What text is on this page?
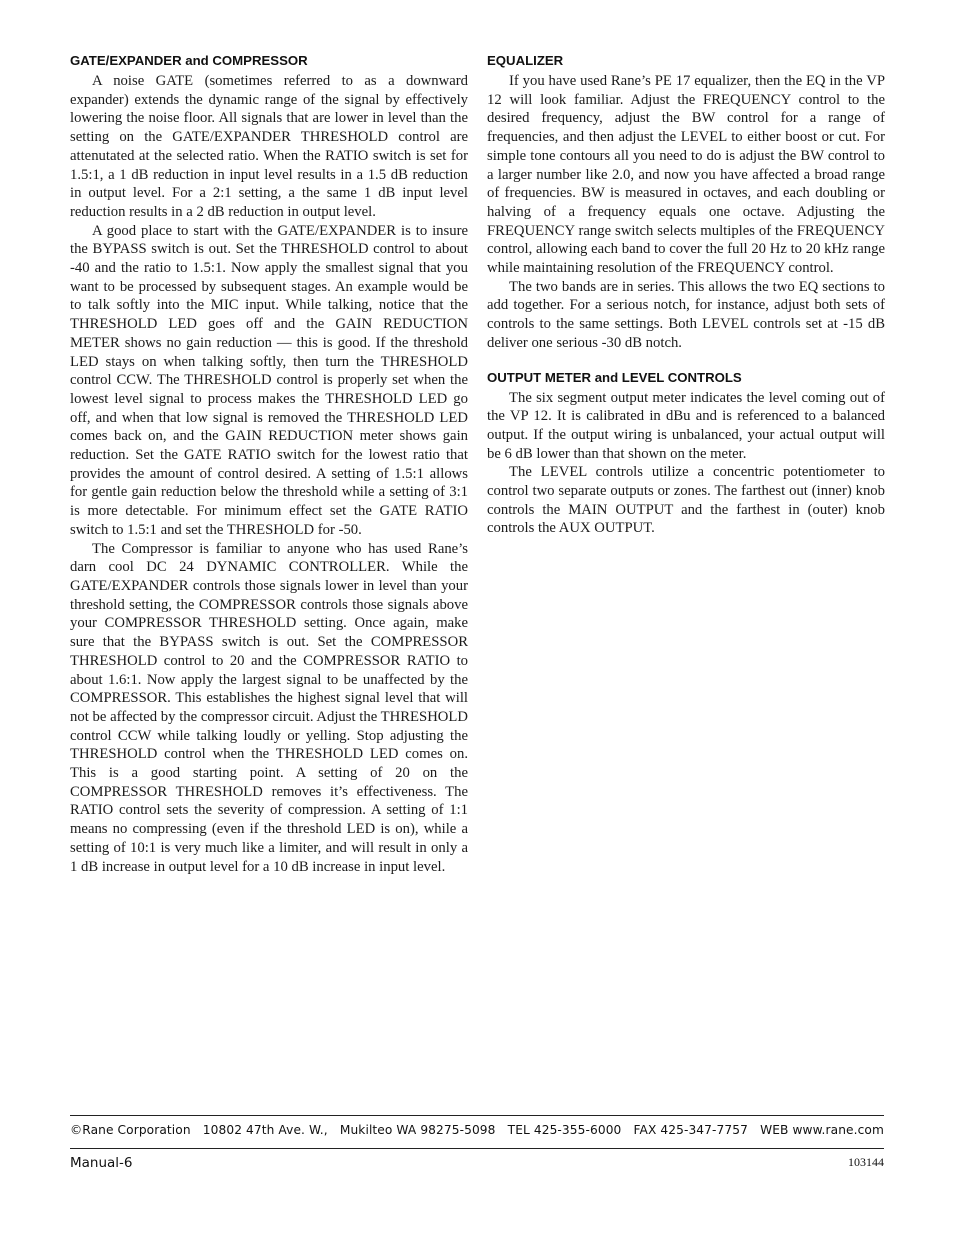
GATE/EXPANDER and COMPRESSOR

A noise GATE (sometimes referred to as a downward expander) extends the dynamic range of the signal by effectively lowering the noise floor. All signals that are lower in level than the setting on the GATE/EXPANDER THRESHOLD control are attenutated at the selected ratio. When the RATIO switch is set for 1.5:1, a 1 dB reduction in input level results in a 1.5 dB reduction in output level. For a 2:1 setting, a the same 1 dB input level reduction results in a 2 dB reduction in output level.

A good place to start with the GATE/EXPANDER is to insure the BYPASS switch is out. Set the THRESHOLD control to about -40 and the ratio to 1.5:1. Now apply the smallest signal that you want to be processed by subsequent stages. An example would be to talk softly into the MIC input. While talking, notice that the THRESHOLD LED goes off and the GAIN REDUCTION METER shows no gain reduction — this is good. If the threshold LED stays on when talking softly, then turn the THRESHOLD control CCW. The THRESHOLD control is properly set when the lowest level signal to process makes the THRESHOLD LED go off, and when that low signal is removed the THRESHOLD LED comes back on, and the GAIN REDUCTION meter shows gain reduction. Set the GATE RATIO switch for the lowest ratio that provides the amount of control desired. A setting of 1.5:1 allows for gentle gain reduction below the threshold while a setting of 3:1 is more detectable. For minimum effect set the GATE RATIO switch to 1.5:1 and set the THRESHOLD for -50.

The Compressor is familiar to anyone who has used Rane’s darn cool DC 24 DYNAMIC CONTROLLER. While the GATE/EXPANDER controls those signals lower in level than your threshold setting, the COMPRESSOR controls those signals above your COMPRESSOR THRESHOLD setting. Once again, make sure that the BYPASS switch is out. Set the COMPRESSOR THRESHOLD control to 20 and the COMPRESSOR RATIO to about 1.6:1. Now apply the largest signal to be unaffected by the COMPRESSOR. This establishes the highest signal level that will not be affected by the compressor circuit. Adjust the THRESHOLD control CCW while talking loudly or yelling. Stop adjusting the THRESHOLD control when the THRESHOLD LED comes on. This is a good starting point. A setting of 20 on the COMPRESSOR THRESHOLD removes it’s effectiveness. The RATIO control sets the severity of compression. A setting of 1:1 means no compressing (even if the threshold LED is on), while a setting of 10:1 is very much like a limiter, and will result in only a 1 dB increase in output level for a 10 dB increase in input level.

EQUALIZER

If you have used Rane’s PE 17 equalizer, then the EQ in the VP 12 will look familiar. Adjust the FREQUENCY control to the desired frequency, adjust the BW control for a range of frequencies, and then adjust the LEVEL to either boost or cut. For simple tone contours all you need to do is adjust the BW control to a larger number like 2.0, and now you have affected a broad range of frequencies. BW is measured in octaves, and each doubling or halving of a frequency equals one octave. Adjusting the FREQUENCY range switch selects multiples of the FREQUENCY control, allowing each band to cover the full 20 Hz to 20 kHz range while maintaining resolution of the FREQUENCY control.

The two bands are in series. This allows the two EQ sections to add together. For a serious notch, for instance, adjust both sets of controls to the same settings. Both LEVEL controls set at -15 dB deliver one serious -30 dB notch.

OUTPUT METER and LEVEL CONTROLS

The six segment output meter indicates the level coming out of the VP 12. It is calibrated in dBu and is referenced to a balanced output. If the output wiring is unbalanced, your actual output will be 6 dB lower than that shown on the meter.

The LEVEL controls utilize a concentric potentiometer to control two separate outputs or zones. The farthest out (inner) knob controls the MAIN OUTPUT and the farthest in (outer) knob controls the AUX OUTPUT.

©Rane Corporation 10802 47th Ave. W., Mukilteo WA 98275-5098 TEL 425-355-6000 FAX 425-347-7757 WEB www.rane.com
Manual-6	103144
